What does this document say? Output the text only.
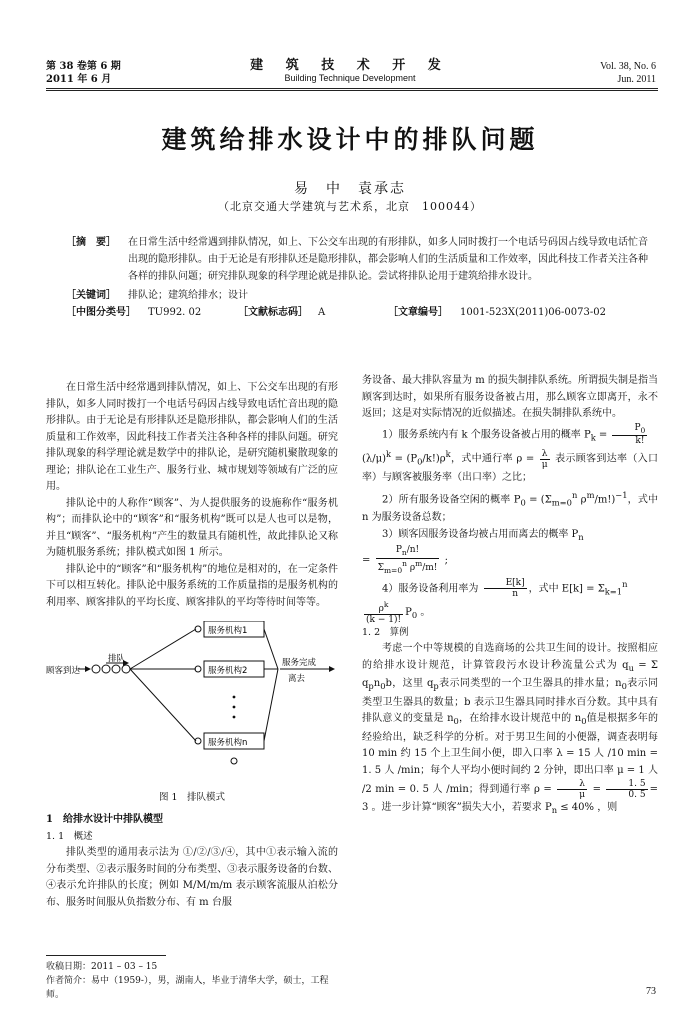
第 38 卷第 6 期
2011 年 6 月
建 筑 技 术 开 发
Building Technique Development
Vol. 38, No. 6
Jun. 2011
建筑给排水设计中的排队问题
易　中　袁承志
（北京交通大学建筑与艺术系，北京　100044）
［摘　要］	在日常生活中经常遇到排队情况，如上、下公交车出现的有形排队，如多人同时拨打一个电话号码因占线导致电话忙音出现的隐形排队。由于无论是有形排队还是隐形排队，都会影响人们的生活质量和工作效率，因此科技工作者关注各种各样的排队问题；研究排队现象的科学理论就是排队论。尝试将排队论用于建筑给排水设计。
［关键词］	排队论；建筑给排水；设计
［中图分类号］	TU992. 02	［文献标志码］	A	［文章编号］	1001-523X(2011)06-0073-02

在日常生活中经常遇到排队情况，如上、下公交车出现的有形排队，如多人同时拨打一个电话号码因占线导致电话忙音出现的隐形排队。由于无论是有形排队还是隐形排队，都会影响人们的生活质量和工作效率，因此科技工作者关注各种各样的排队问题。研究排队现象的科学理论就是数学中的排队论，是研究随机聚散现象的理论；排队论在工业生产、服务行业、城市规划等领域有广泛的应用。

排队论中的人称作“顾客”、为人提供服务的设施称作“服务机构”；而排队论中的“顾客”和“服务机构”既可以是人也可以是物，并且“顾客”、“服务机构”产生的数量具有随机性，故此排队论又称为随机服务系统；排队模式如图 1 所示。

排队论中的“顾客”和“服务机构”的地位是相对的，在一定条件下可以相互转化。排队论中服务系统的工作质量指的是服务机构的利用率、顾客排队的平均长度、顾客排队的平均等待时间等等。

顾客到达
排队
服务机构1
服务机构2
服务机构n
服务完成
离去
图 1　排队模式
1　给排水设计中排队模型
1. 1　概述

排队类型的通用表示法为 ①/②/③/④，其中①表示输入流的分布类型、②表示服务时间的分布类型、③表示服务设备的台数、④表示允许排队的长度；例如 M/M/m/m 表示顾客流服从泊松分布、服务时间服从负指数分布、有 m 台服

收稿日期：2011 – 03 – 15
作者简介：易中（1959-），男，湖南人，毕业于清华大学，硕士，工程师。

务设备、最大排队容量为 m 的损失制排队系统。所谓损失制是指当顾客到达时，如果所有服务设备被占用，那么顾客立即离开，永不返回；这是对实际情况的近似描述。在损失制排队系统中。

1）服务系统内有 k 个服务设备被占用的概率 $P_k = \frac{P_0}{k!}$

$(\lambda/\mu)^k = (P_0/k!)\rho^k$，式中通行率 $\rho = \frac{\lambda}{\mu}$ 表示顾客到达率（入口率）与顾客被服务率（出口率）之比；

2）所有服务设备空闲的概率 $P_0 = (\Sigma_{m=0}^n$ $\rho^m/m!)^{-1}$，式中 n 为服务设备总数；

3）顾客因服务设备均被占用而离去的概率 $P_n$

= $\frac{P_n/n!}{\Sigma_{m=0}^n \rho^m/m!}$ ;

4）服务设备利用率为 $\frac{E[k]}{n}$ ，式中 $E[k] = \Sigma_{k=1}^n$

$\frac{\rho^k}{(k - 1)!} P_0$ 。

1. 2　算例

考虑一个中等规模的自选商场的公共卫生间的设计。按照相应的给排水设计规范，计算管段污水设计秒流量公式为 $q_u = \Sigma$ $q_pn_0b$，这里 $q_p$表示同类型的一个卫生器具的排水量；$n_0$表示同类型卫生器具的数量；b 表示卫生器具同时排水百分数。其中具有排队意义的变量是 $n_0$，在给排水设计规范中的 $n_0$值是根据多年的经验给出，缺乏科学的分析。对于男卫生间的小便器，调查表明每 10 min 约 15 个上卫生间小便，即入口率 λ = 15 人 /10 min = 1. 5 人 /min；每个人平均小便时间约 2 分钟，即出口率 μ = 1 人 /2 min = 0. 5 人 /min；得到通行率 $\rho = \frac{\lambda}{\mu} = \frac{1. 5}{0. 5} = 3$ 。进一步计算“顾客”损失大小，若要求 $P_n \le 40\%$ ，则

73
